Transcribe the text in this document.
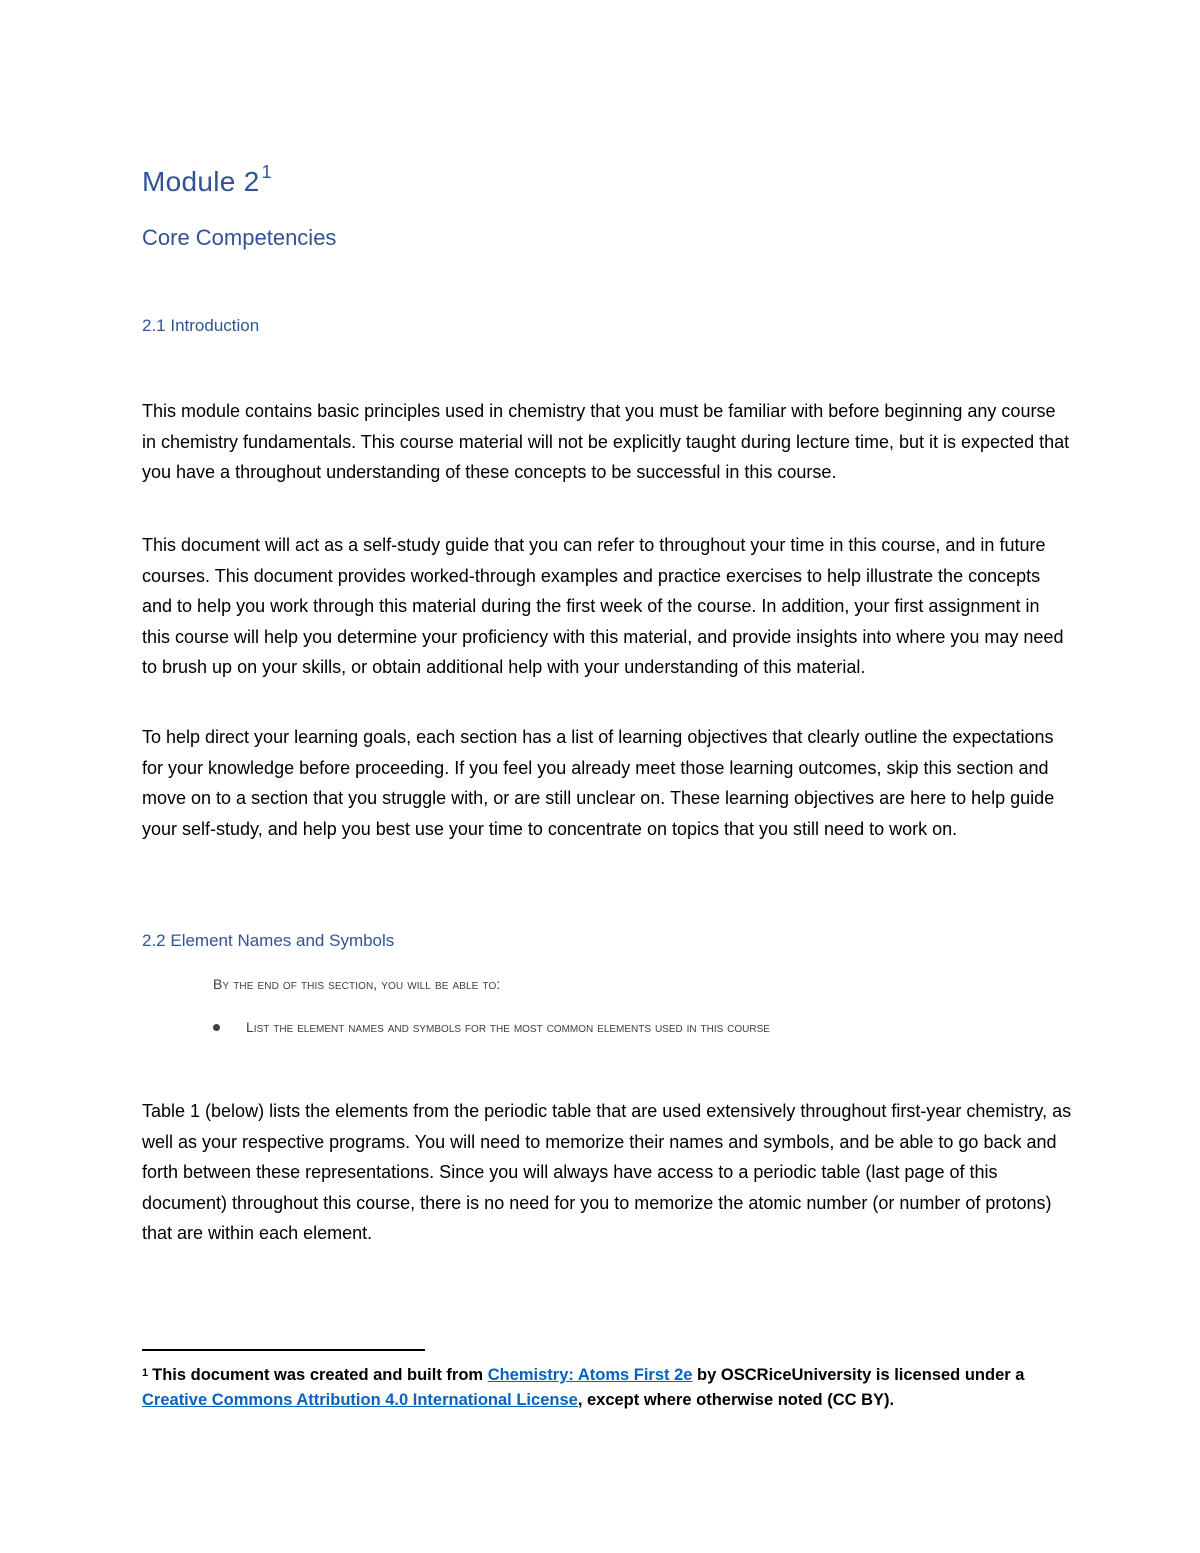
Module 2 $^1$
Core Competencies
2.1 Introduction

This module contains basic principles used in chemistry that you must be familiar with before beginning any course in chemistry fundamentals. This course material will not be explicitly taught during lecture time, but it is expected that you have a throughout understanding of these concepts to be successful in this course.

This document will act as a self-study guide that you can refer to throughout your time in this course, and in future courses. This document provides worked-through examples and practice exercises to help illustrate the concepts and to help you work through this material during the first week of the course. In addition, your first assignment in this course will help you determine your proficiency with this material, and provide insights into where you may need to brush up on your skills, or obtain additional help with your understanding of this material.

To help direct your learning goals, each section has a list of learning objectives that clearly outline the expectations for your knowledge before proceeding. If you feel you already meet those learning outcomes, skip this section and move on to a section that you struggle with, or are still unclear on. These learning objectives are here to help guide your self-study, and help you best use your time to concentrate on topics that you still need to work on.

2.2 Element Names and Symbols

By the end of this section, you will be able to:

List the element names and symbols for the most common elements used in this course

Table 1 (below) lists the elements from the periodic table that are used extensively throughout first-year chemistry, as well as your respective programs. You will need to memorize their names and symbols, and be able to go back and forth between these representations. Since you will always have access to a periodic table (last page of this document) throughout this course, there is no need for you to memorize the atomic number (or number of protons) that are within each element.

$^1$ This document was created and built from Chemistry: Atoms First 2e by OSCRiceUniversity is licensed under a Creative Commons Attribution 4.0 International License, except where otherwise noted (CC BY).
